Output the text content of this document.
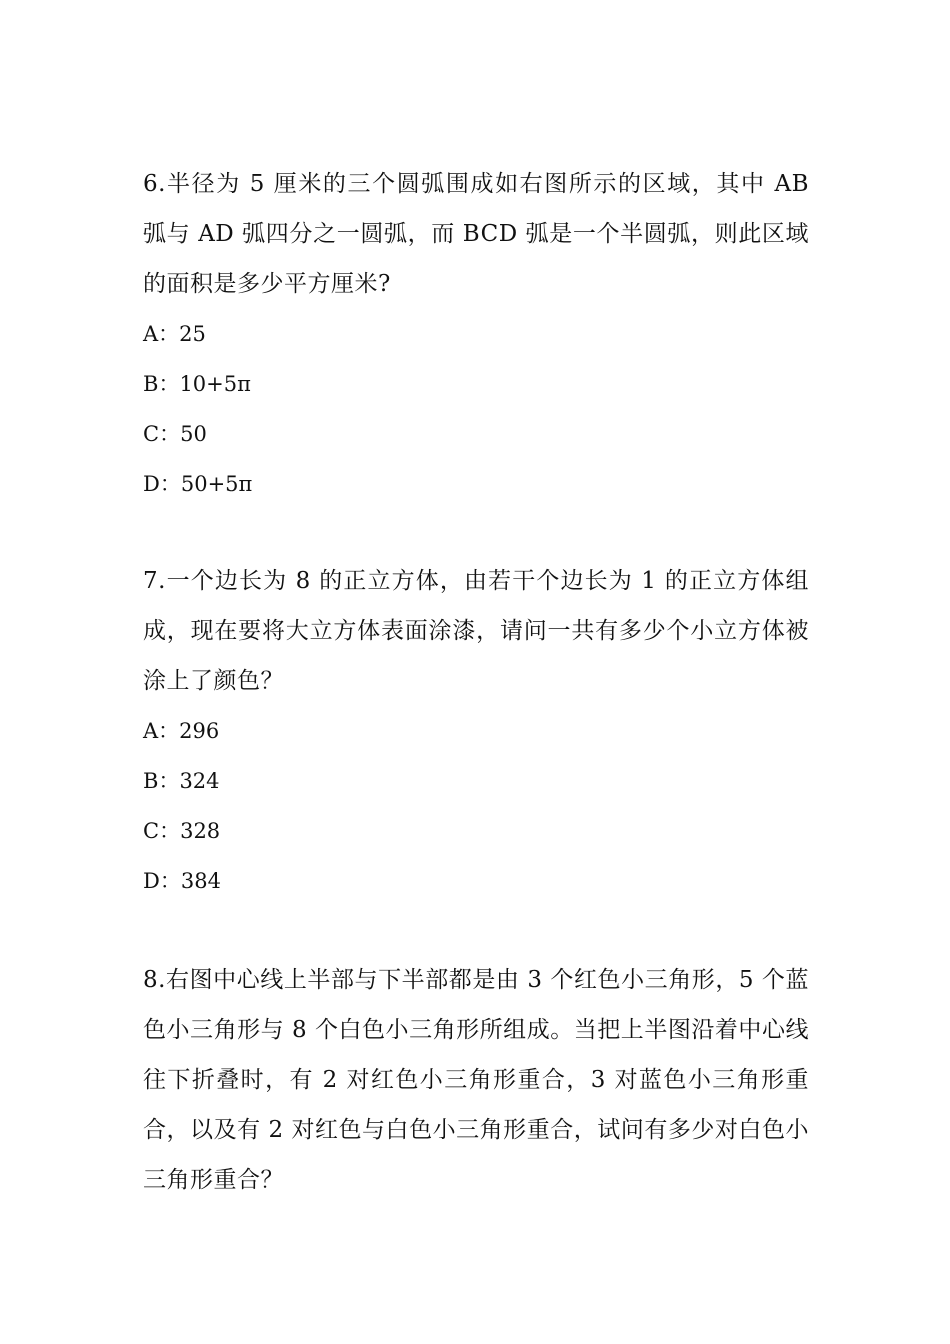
6.半径为 5 厘米的三个圆弧围成如右图所示的区域，其中 AB 弧与 AD 弧四分之一圆弧，而 BCD 弧是一个半圆弧，则此区域的面积是多少平方厘米?

A：25
B：10+5π
C：50
D：50+5π

7.一个边长为 8 的正立方体，由若干个边长为 1 的正立方体组成，现在要将大立方体表面涂漆，请问一共有多少个小立方体被涂上了颜色？

A：296
B：324
C：328
D：384

8.右图中心线上半部与下半部都是由 3 个红色小三角形，5 个蓝色小三角形与 8 个白色小三角形所组成。当把上半图沿着中心线往下折叠时，有 2 对红色小三角形重合，3 对蓝色小三角形重合，以及有 2 对红色与白色小三角形重合，试问有多少对白色小三角形重合？
